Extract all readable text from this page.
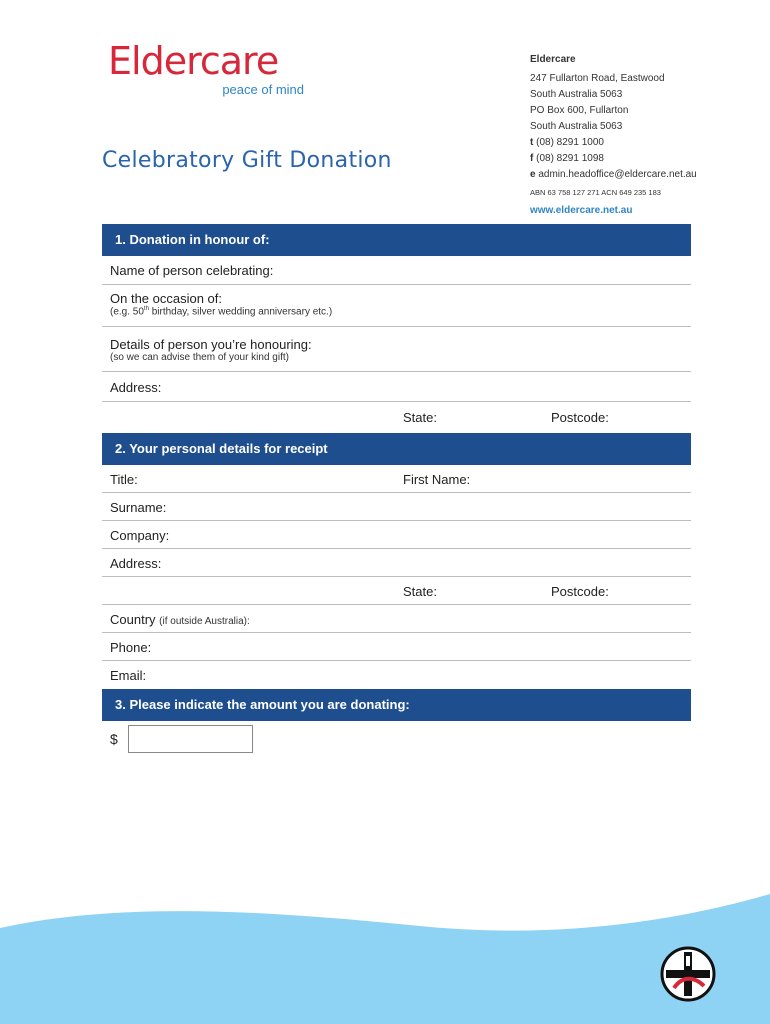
Eldercare
peace of mind
Celebratory Gift Donation
Eldercare
247 Fullarton Road, Eastwood
South Australia 5063
PO Box 600, Fullarton
South Australia 5063
t (08) 8291 1000
f (08) 8291 1098
e admin.headoffice@eldercare.net.au
ABN 63 758 127 271 ACN 649 235 183
www.eldercare.net.au
1. Donation in honour of:
Name of person celebrating:
On the occasion of:
(e.g. 50th birthday, silver wedding anniversary etc.)
Details of person you’re honouring:
(so we can advise them of your kind gift)
Address:
State:	Postcode:
2. Your personal details for receipt
Title:	First Name:
Surname:
Company:
Address:
State:	Postcode:
Country (if outside Australia):
Phone:
Email:
3. Please indicate the amount you are donating:
$
